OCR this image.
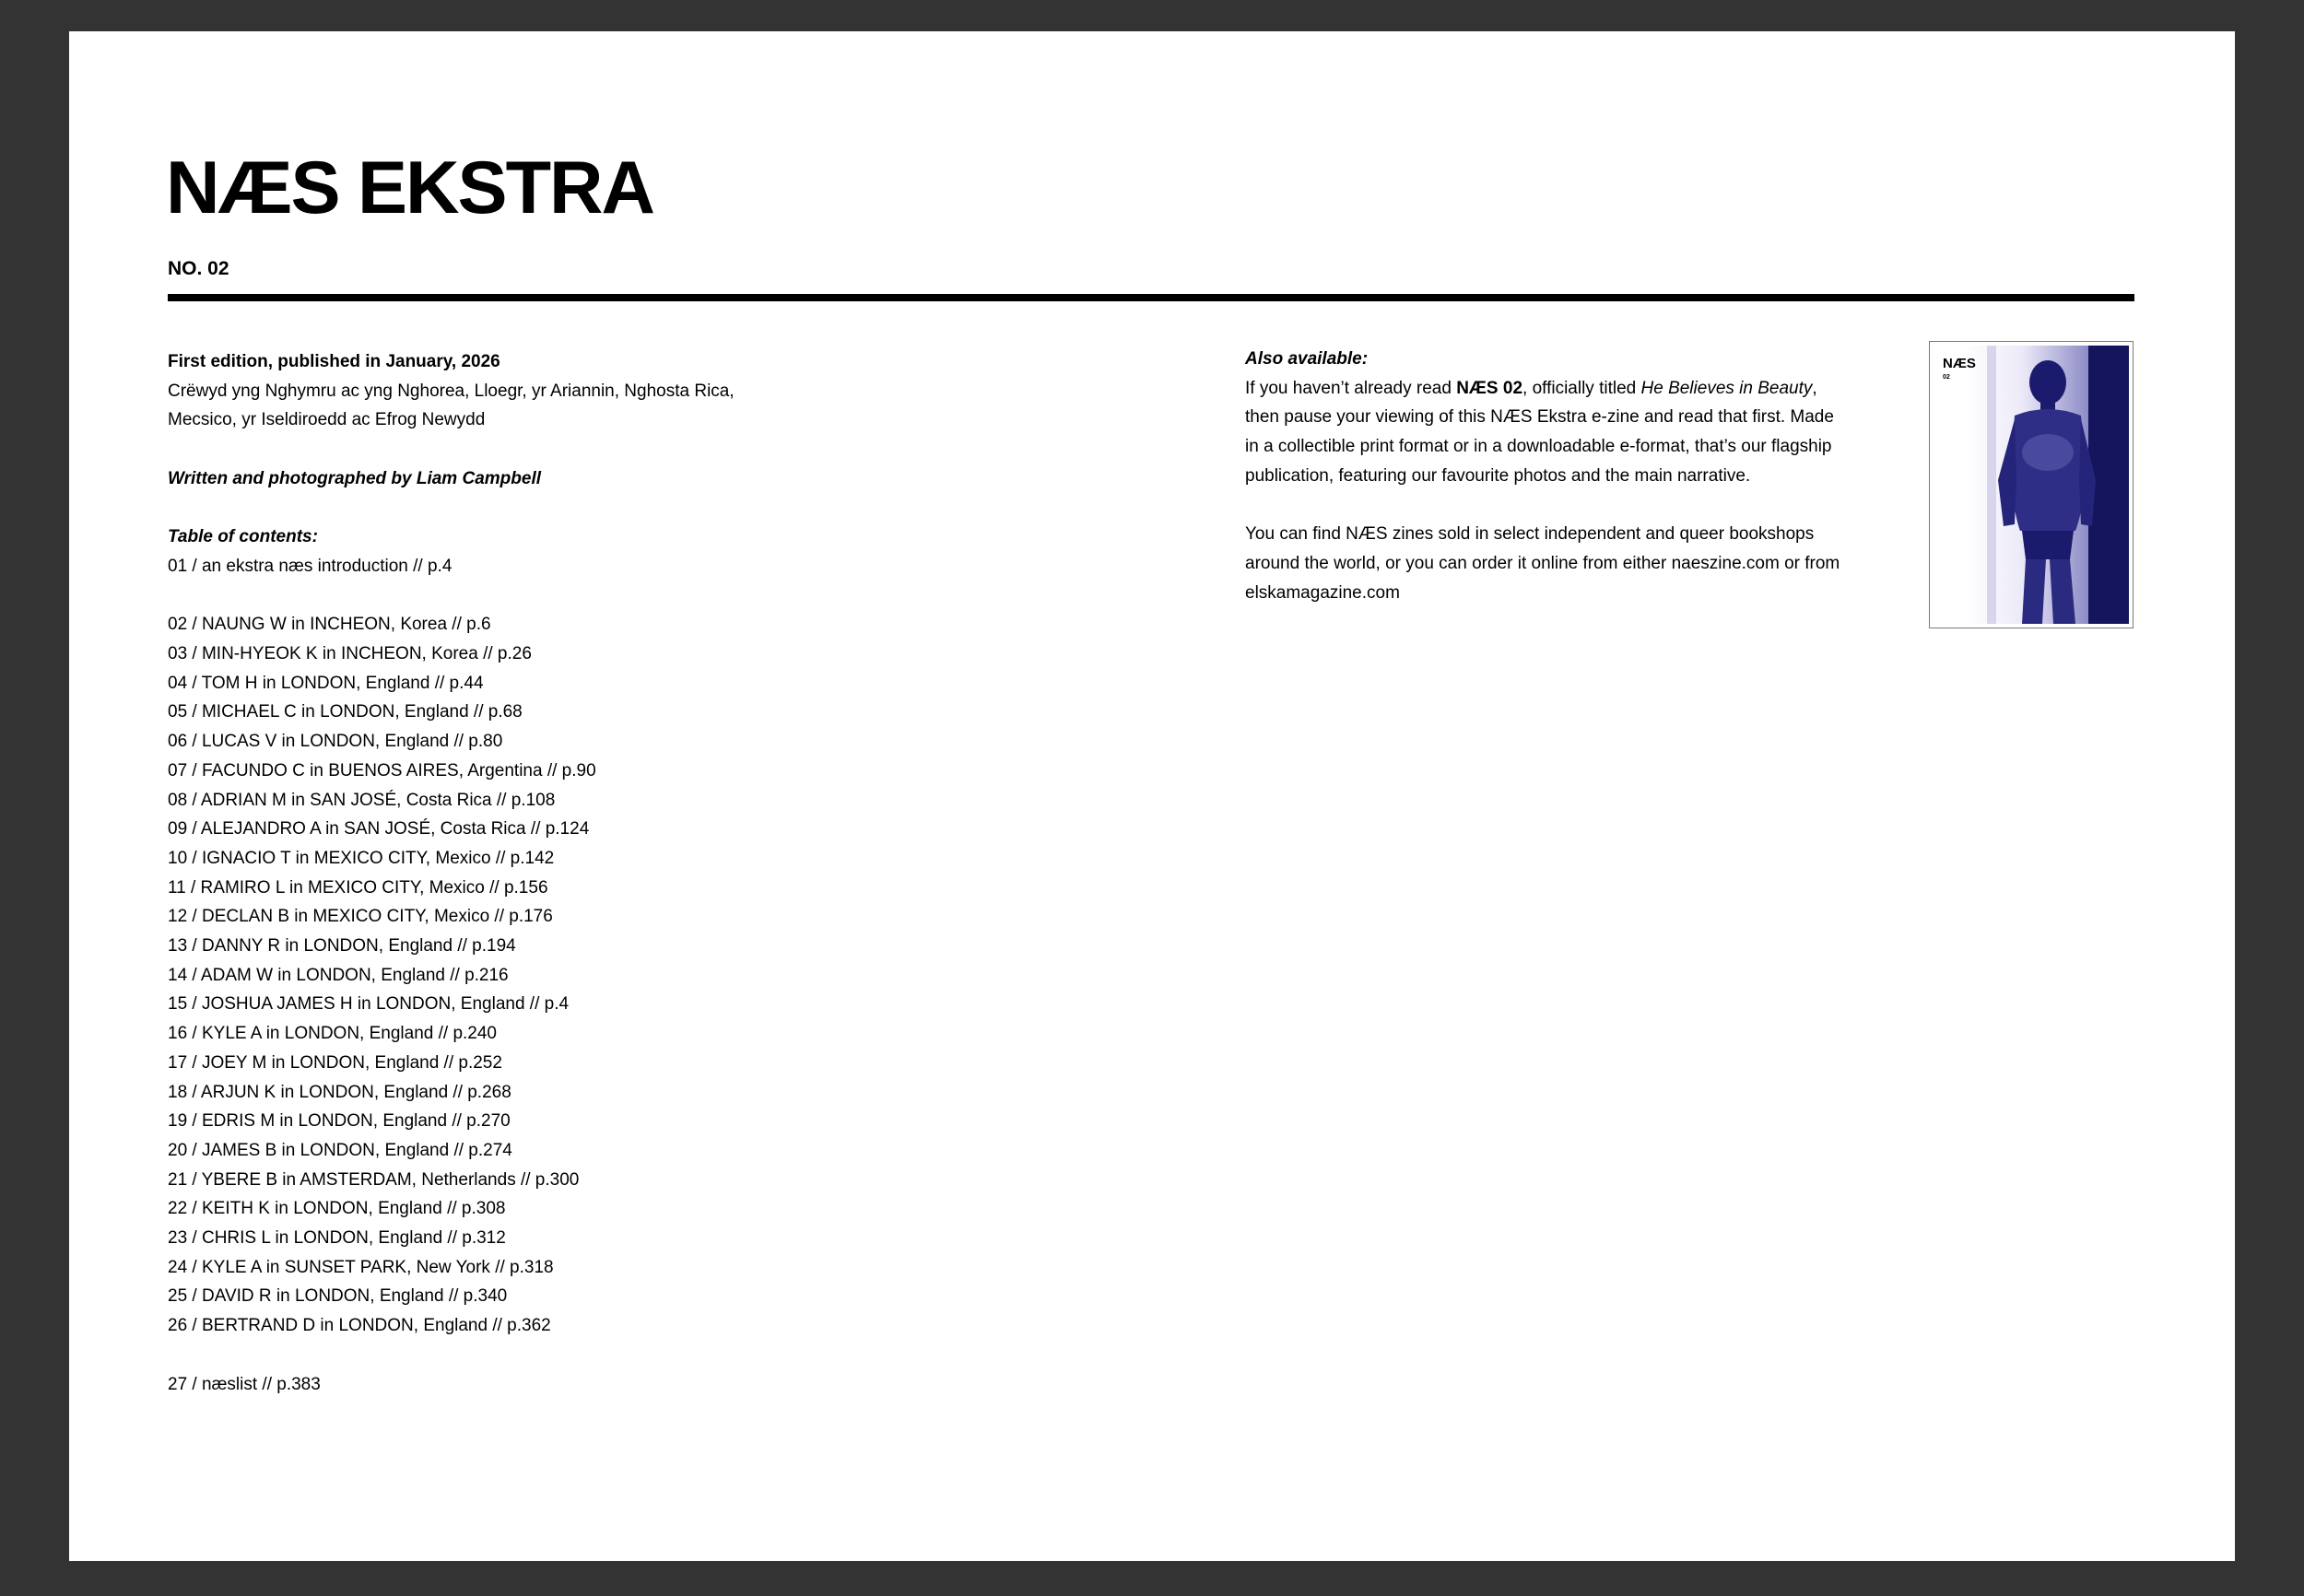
NÆS EKSTRA
NO. 02
First edition, published in January, 2026
Crëwyd yng Nghymru ac yng Nghorea, Lloegr, yr Ariannin, Nghosta Rica,
Mecsico, yr Iseldiroedd ac Efrog Newydd
Written and photographed by Liam Campbell
Table of contents:
01 / an ekstra næs introduction // p.4
02 / NAUNG W in INCHEON, Korea // p.6
03 / MIN-HYEOK K in INCHEON, Korea // p.26
04 / TOM H in LONDON, England // p.44
05 / MICHAEL C in LONDON, England // p.68
06 / LUCAS V in LONDON, England // p.80
07 / FACUNDO C in BUENOS AIRES, Argentina // p.90
08 / ADRIAN M in SAN JOSÉ, Costa Rica // p.108
09 / ALEJANDRO A in SAN JOSÉ, Costa Rica // p.124
10 / IGNACIO T in MEXICO CITY, Mexico // p.142
11 / RAMIRO L in MEXICO CITY, Mexico // p.156
12 / DECLAN B in MEXICO CITY, Mexico // p.176
13 / DANNY R in LONDON, England // p.194
14 / ADAM W in LONDON, England // p.216
15 / JOSHUA JAMES H in LONDON, England // p.4
16 / KYLE A in LONDON, England // p.240
17 / JOEY M in LONDON, England // p.252
18 / ARJUN K in LONDON, England // p.268
19 / EDRIS M in LONDON, England // p.270
20 / JAMES B in LONDON, England // p.274
21 / YBERE B in AMSTERDAM, Netherlands // p.300
22 / KEITH K in LONDON, England // p.308
23 / CHRIS L in LONDON, England // p.312
24 / KYLE A in SUNSET PARK, New York // p.318
25 / DAVID R in LONDON, England // p.340
26 / BERTRAND D in LONDON, England // p.362
27 / næslist // p.383
Also available:
If you haven’t already read NÆS 02, officially titled He Believes in Beauty,
then pause your viewing of this NÆS Ekstra e-zine and read that first. Made
in a collectible print format or in a downloadable e-format, that’s our flagship
publication, featuring our favourite photos and the main narrative.
You can find NÆS zines sold in select independent and queer bookshops
around the world, or you can order it online from either naeszine.com or from
elskamagazine.com
NÆS
02
